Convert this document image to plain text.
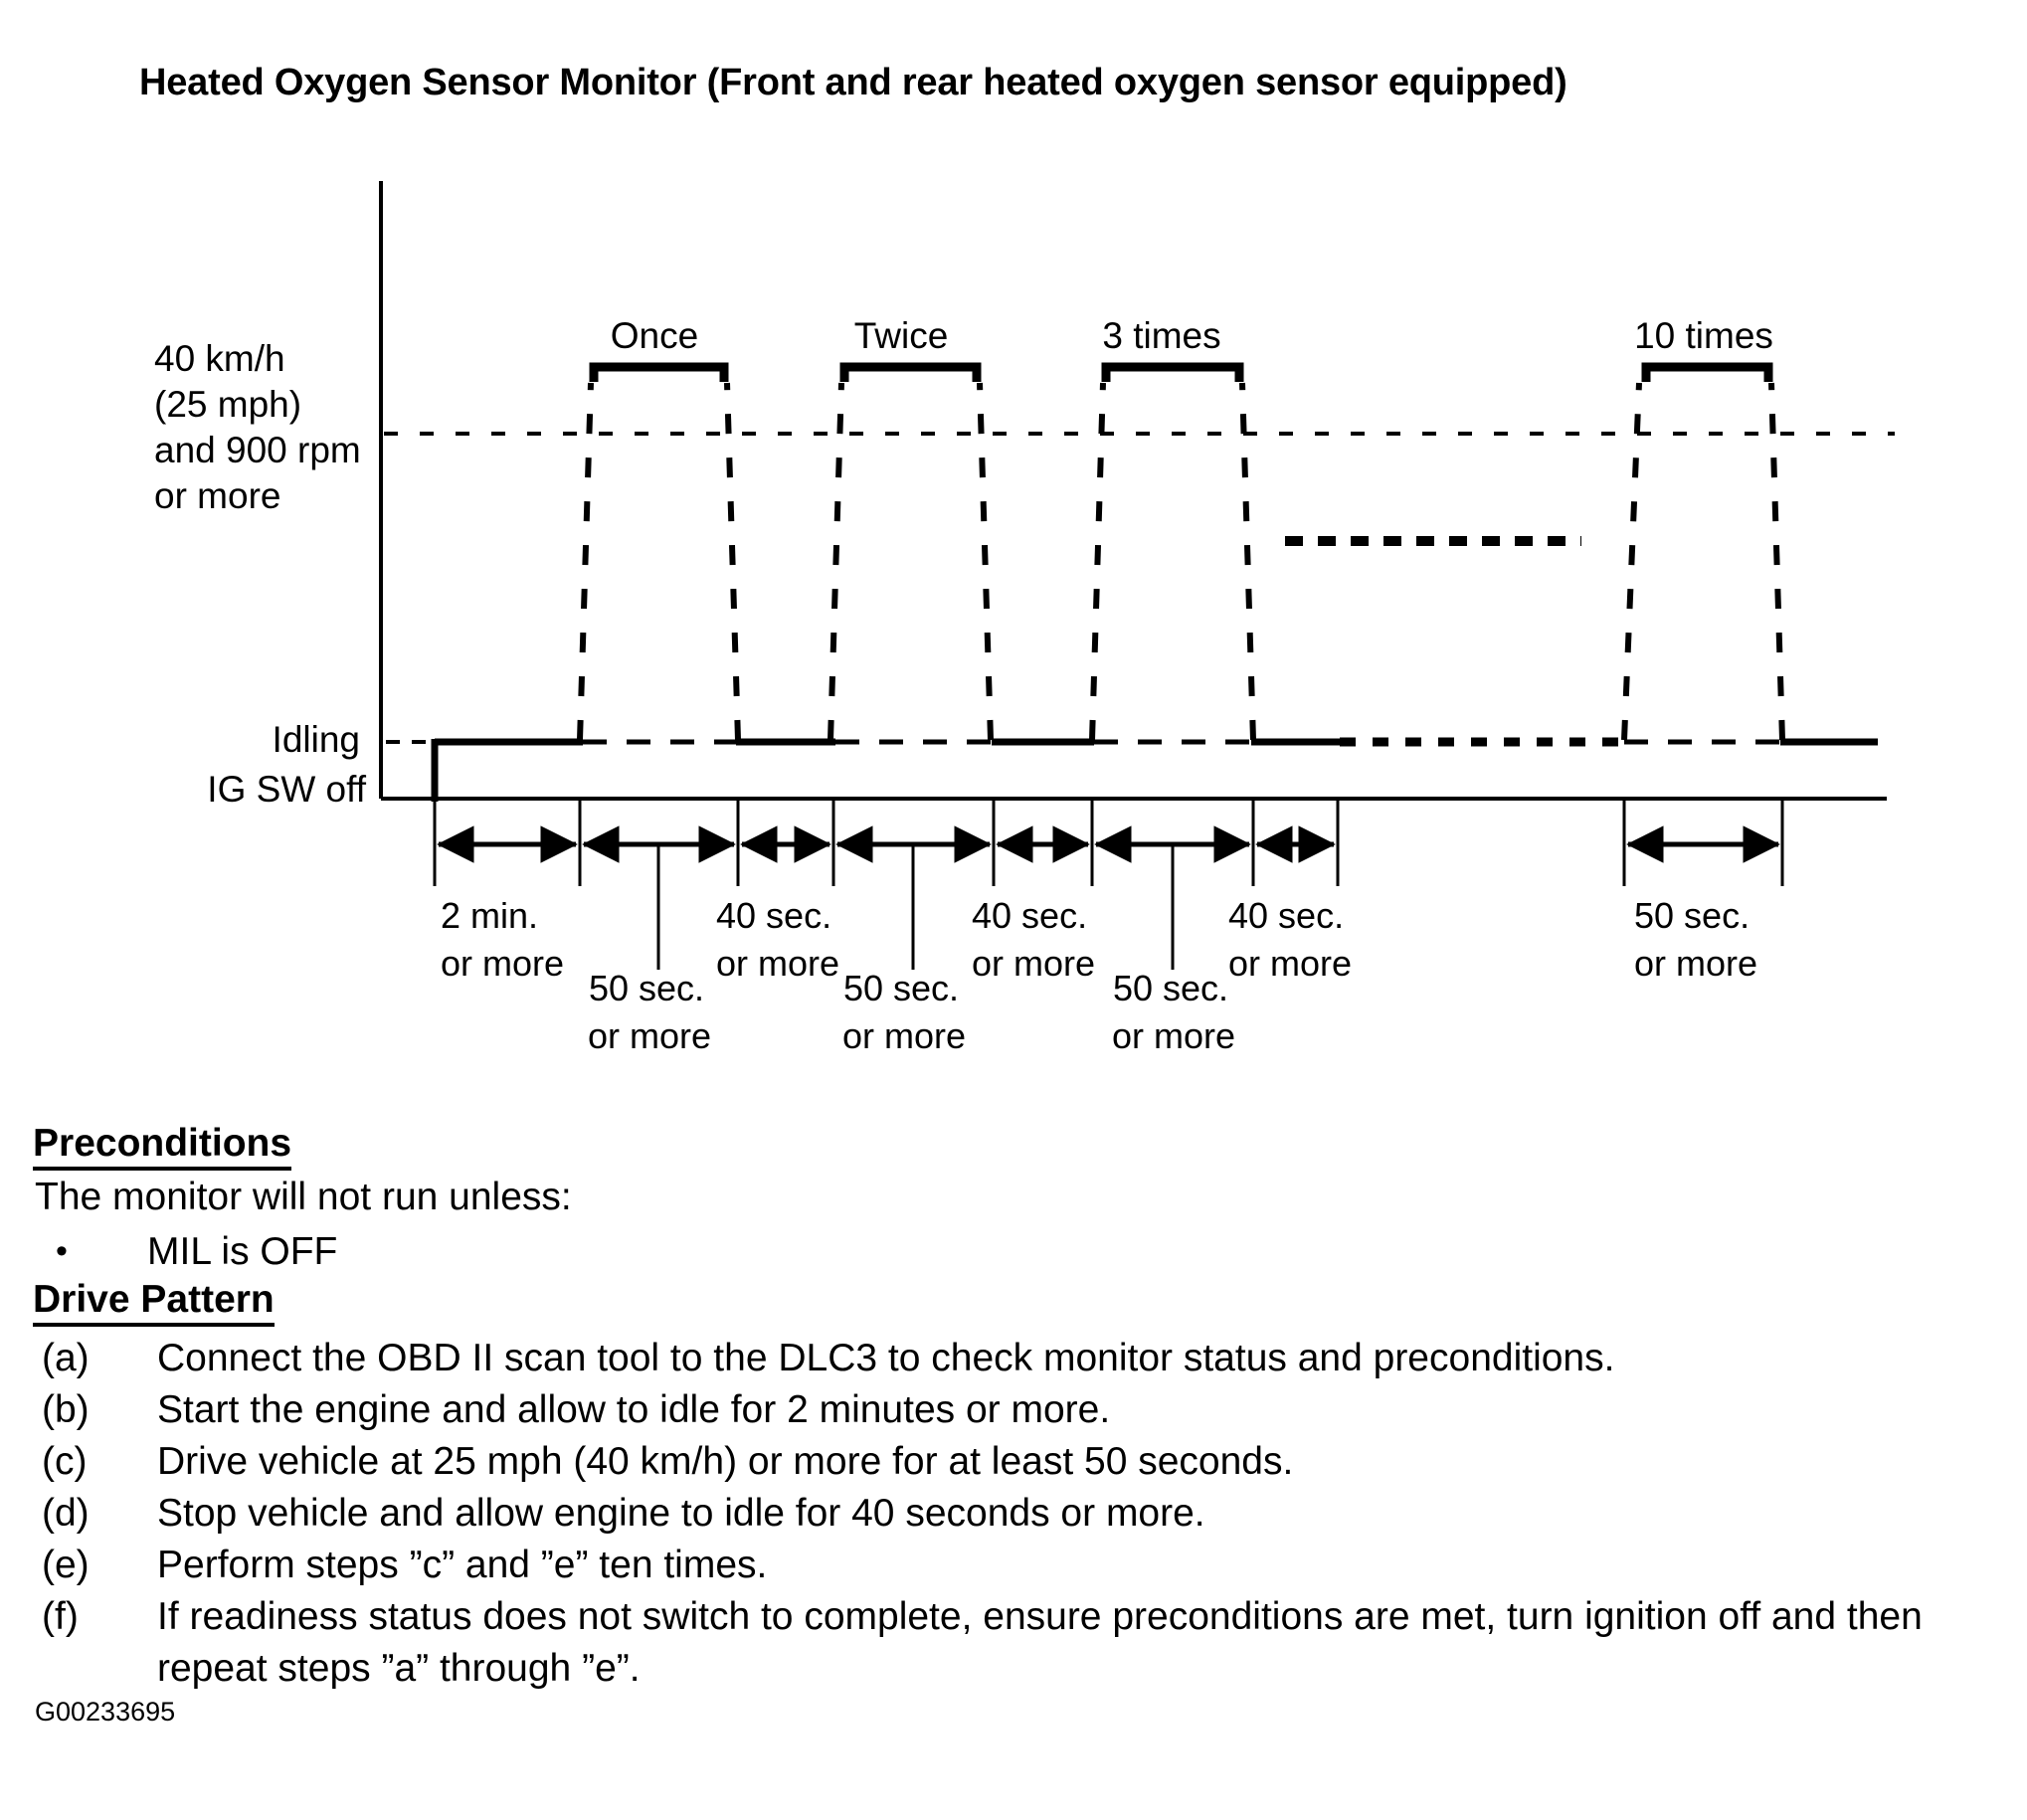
Heated Oxygen Sensor Monitor (Front and rear heated oxygen sensor equipped)
40 km/h
(25 mph)
and 900 rpm
or more
Idling
IG SW off
Once	Twice	3 times	10 times
2 min.
or more
40 sec.
or more
40 sec.
or more
40 sec.
or more
50 sec.
or more
50 sec.
or more
50 sec.
or more
50 sec.
or more
Preconditions
The monitor will not run unless:
• MIL is OFF
Drive Pattern
(a) Connect the OBD II scan tool to the DLC3 to check monitor status and preconditions.
(b) Start the engine and allow to idle for 2 minutes or more.
(c) Drive vehicle at 25 mph (40 km/h) or more for at least 50 seconds.
(d) Stop vehicle and allow engine to idle for 40 seconds or more.
(e) Perform steps ”c” and ”e” ten times.
(f) If readiness status does not switch to complete, ensure preconditions are met, turn ignition off and then
repeat steps ”a” through ”e”.
G00233695
